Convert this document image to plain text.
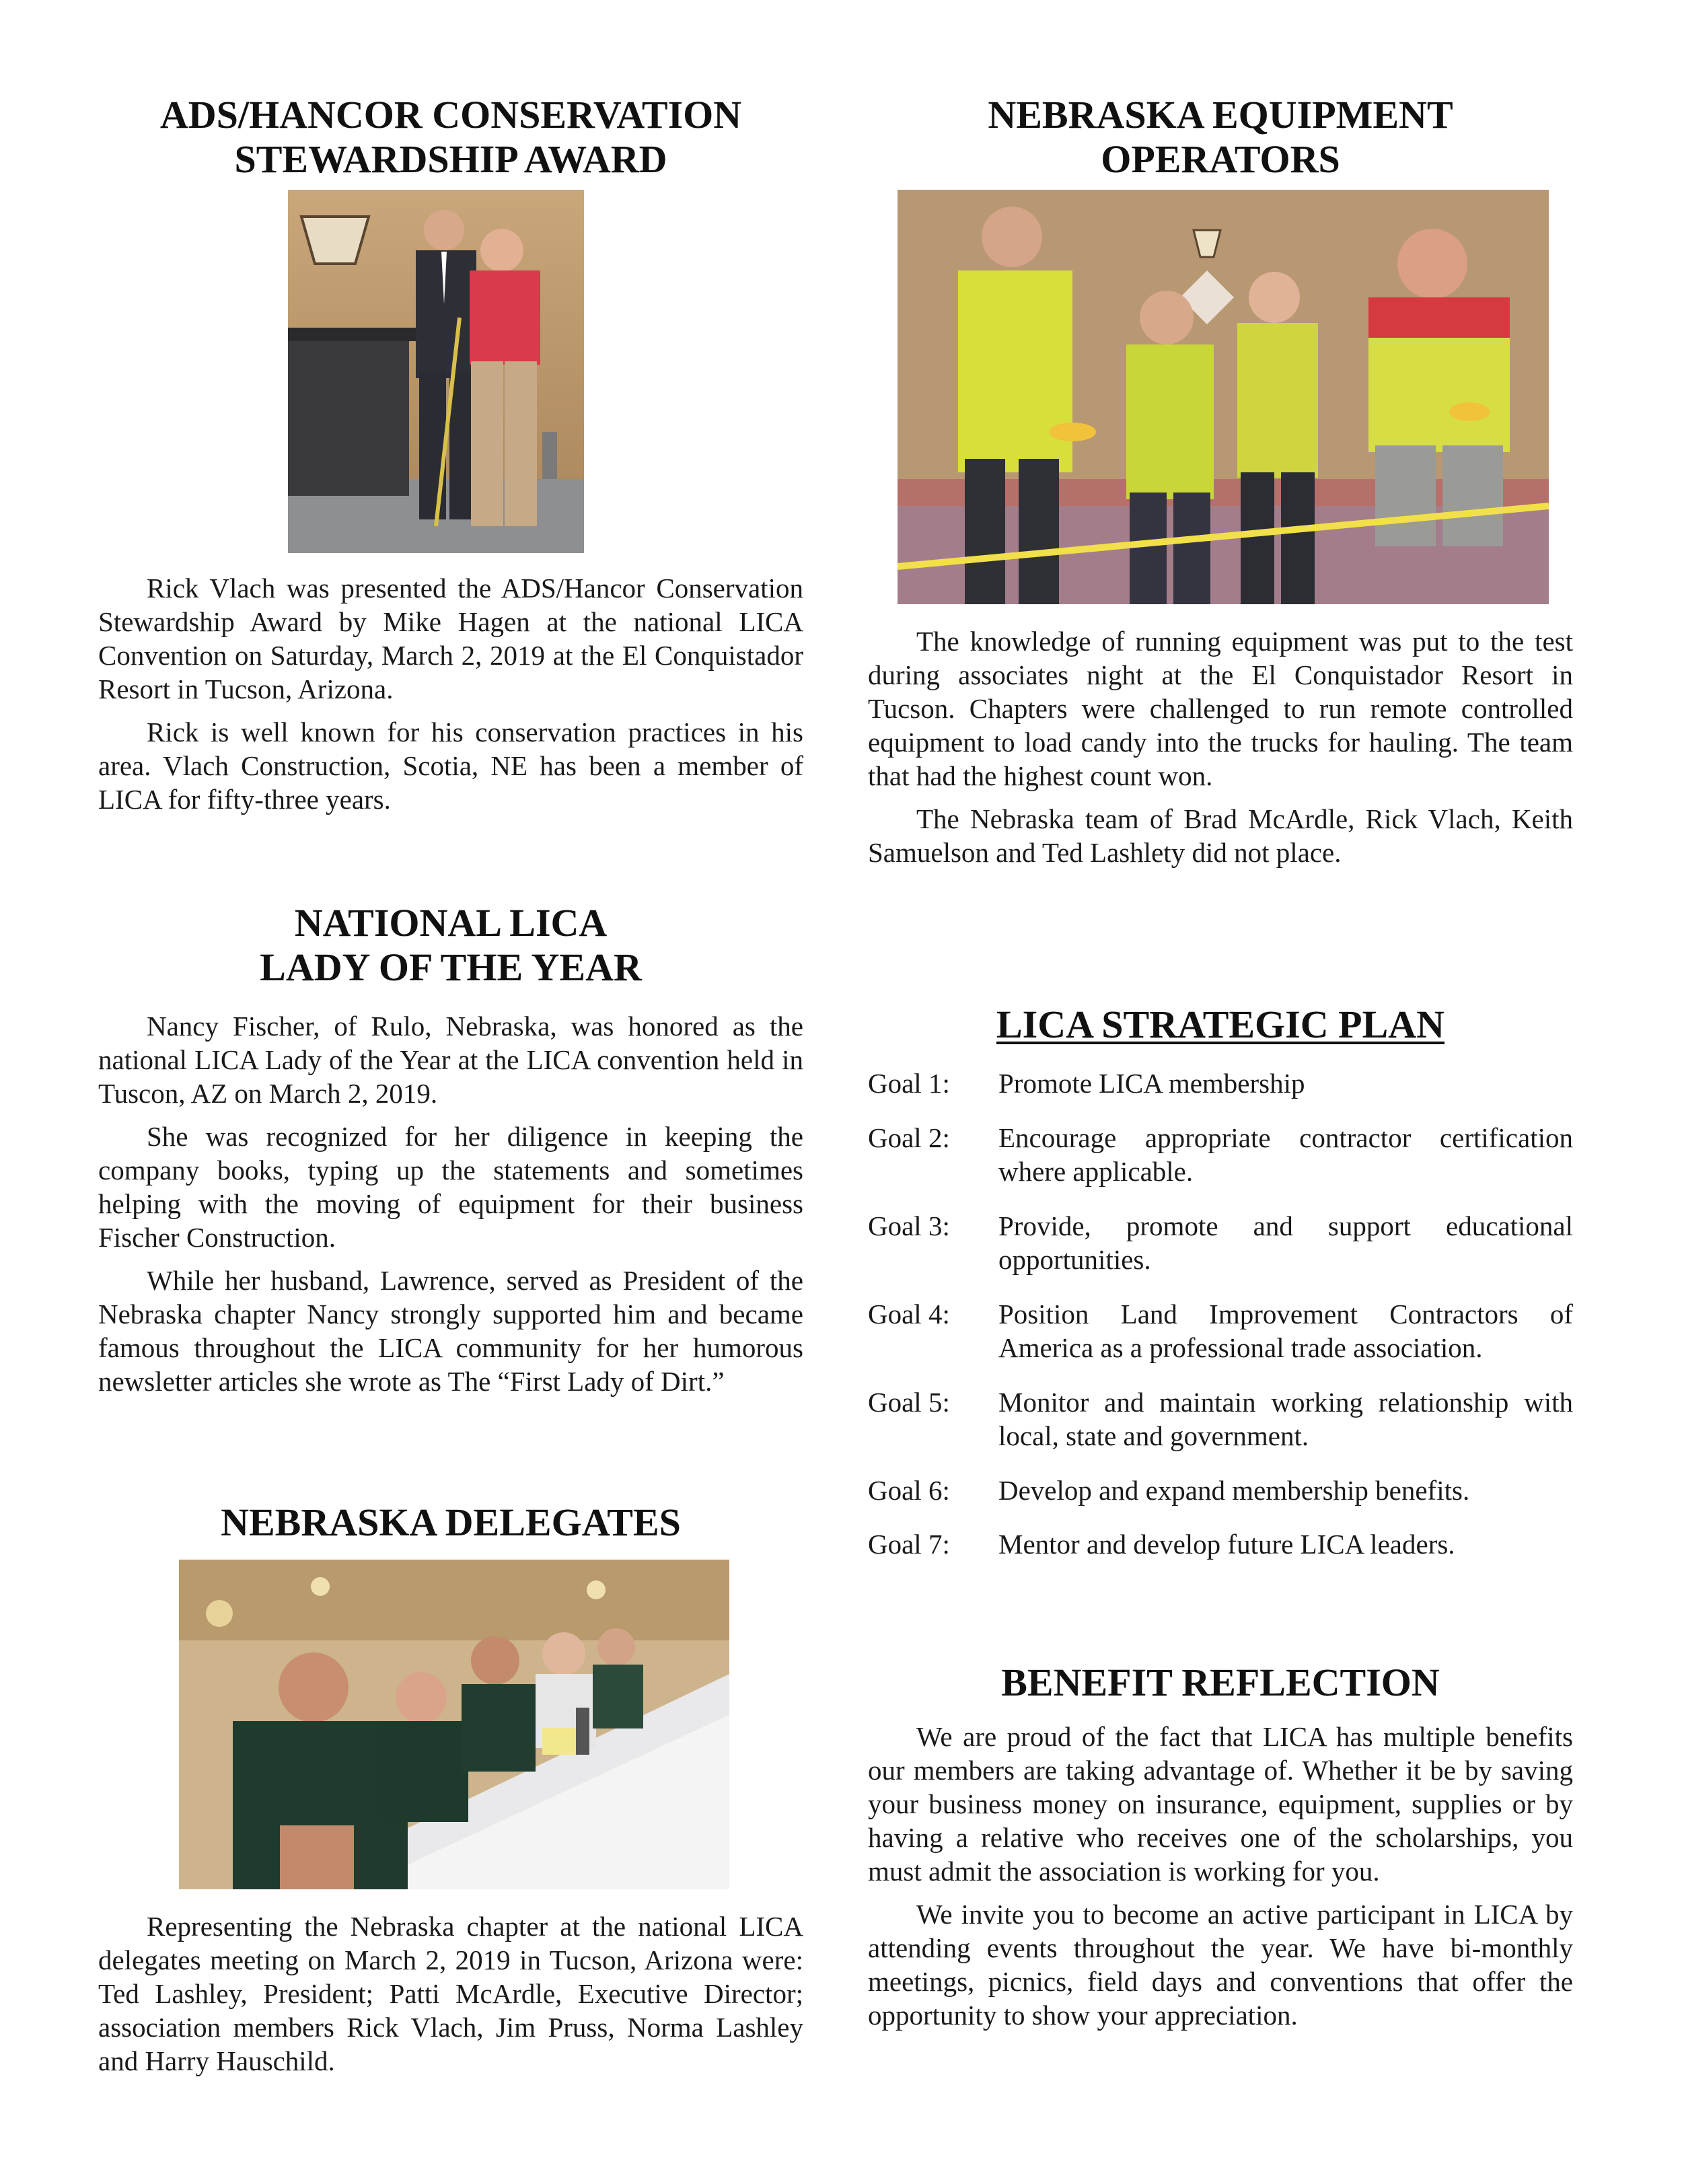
ADS/HANCOR CONSERVATION
STEWARDSHIP AWARD

Rick Vlach was presented the ADS/Hancor Conservation Stewardship Award by Mike Hagen at the national LICA Convention on Saturday, March 2, 2019 at the El Conquistador Resort in Tucson, Arizona.

Rick is well known for his conservation practices in his area. Vlach Construction, Scotia, NE has been a member of LICA for fifty-three years.

NATIONAL LICA
LADY OF THE YEAR

Nancy Fischer, of Rulo, Nebraska, was honored as the national LICA Lady of the Year at the LICA convention held in Tuscon, AZ on March 2, 2019.

She was recognized for her diligence in keeping the company books, typing up the statements and sometimes helping with the moving of equipment for their business Fischer Construction.

While her husband, Lawrence, served as President of the Nebraska chapter Nancy strongly supported him and became famous throughout the LICA community for her humorous newsletter articles she wrote as The “First Lady of Dirt.”

NEBRASKA DELEGATES

Representing the Nebraska chapter at the national LICA delegates meeting on March 2, 2019 in Tucson, Arizona were: Ted Lashley, President; Patti McArdle, Executive Director; association members Rick Vlach, Jim Pruss, Norma Lashley and Harry Hauschild.

NEBRASKA EQUIPMENT
OPERATORS

The knowledge of running equipment was put to the test during associates night at the El Conquistador Resort in Tucson. Chapters were challenged to run remote controlled equipment to load candy into the trucks for hauling. The team that had the highest count won.

The Nebraska team of Brad McArdle, Rick Vlach, Keith Samuelson and Ted Lashlety did not place.

LICA STRATEGIC PLAN
Goal 1: Promote LICA membership
Goal 2: Encourage appropriate contractor certification where applicable.
Goal 3: Provide, promote and support educational opportunities.
Goal 4: Position Land Improvement Contractors of America as a professional trade association.
Goal 5: Monitor and maintain working relationship with local, state and government.
Goal 6: Develop and expand membership benefits.
Goal 7: Mentor and develop future LICA leaders.
BENEFIT REFLECTION

We are proud of the fact that LICA has multiple benefits our members are taking advantage of. Whether it be by saving your business money on insurance, equipment, supplies or by having a relative who receives one of the scholarships, you must admit the association is working for you.

We invite you to become an active participant in LICA by attending events throughout the year. We have bi-monthly meetings, picnics, field days and conventions that offer the opportunity to show your appreciation.
